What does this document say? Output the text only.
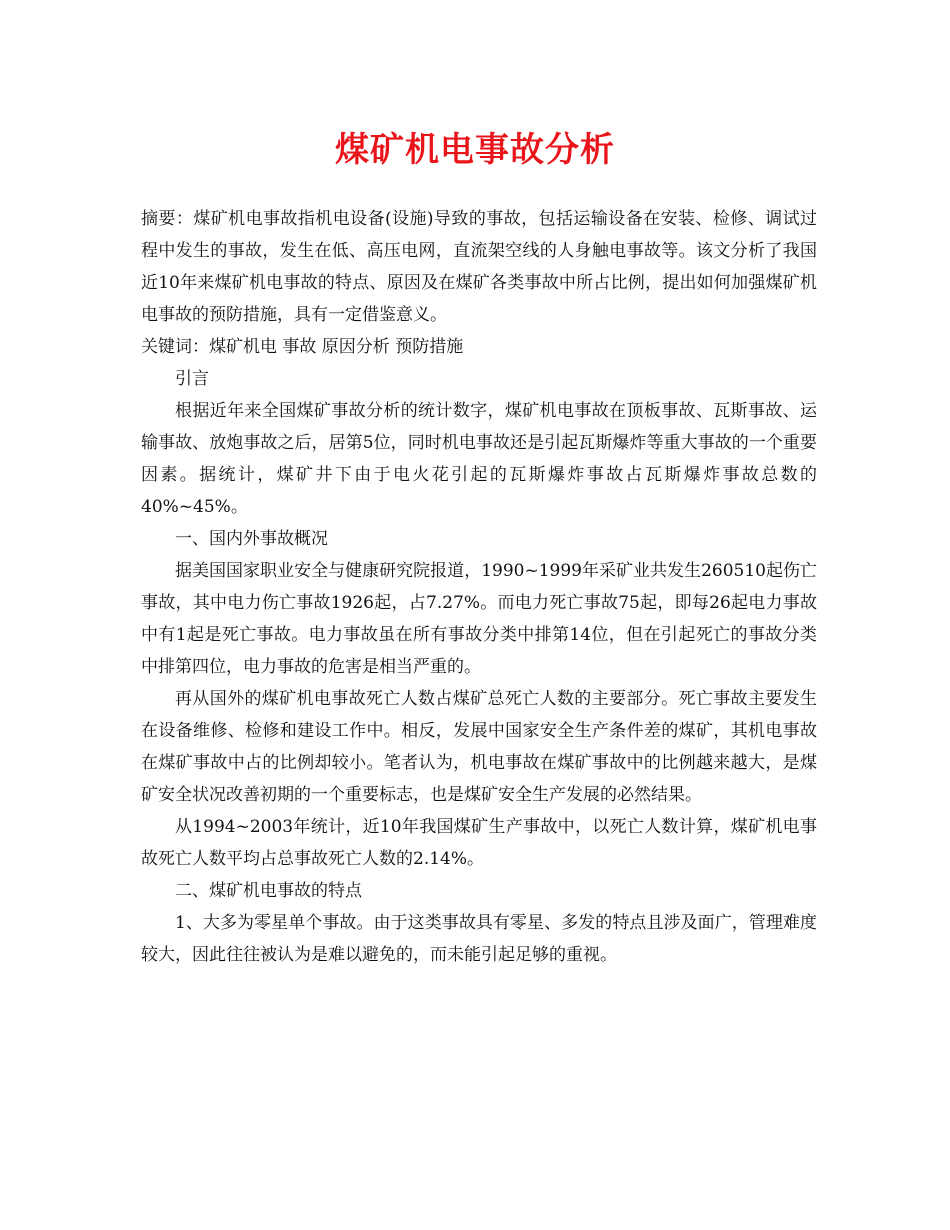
煤矿机电事故分析

摘要：煤矿机电事故指机电设备(设施)导致的事故，包括运输设备在安装、检修、调试过程中发生的事故，发生在低、高压电网，直流架空线的人身触电事故等。该文分析了我国近10年来煤矿机电事故的特点、原因及在煤矿各类事故中所占比例，提出如何加强煤矿机电事故的预防措施，具有一定借鉴意义。

关键词：煤矿机电 事故 原因分析 预防措施

引言

根据近年来全国煤矿事故分析的统计数字，煤矿机电事故在顶板事故、瓦斯事故、运输事故、放炮事故之后，居第5位，同时机电事故还是引起瓦斯爆炸等重大事故的一个重要因素。据统计，煤矿井下由于电火花引起的瓦斯爆炸事故占瓦斯爆炸事故总数的40%~45%。

一、国内外事故概况

据美国国家职业安全与健康研究院报道，1990~1999年采矿业共发生260510起伤亡事故，其中电力伤亡事故1926起，占7.27%。而电力死亡事故75起，即每26起电力事故中有1起是死亡事故。电力事故虽在所有事故分类中排第14位，但在引起死亡的事故分类中排第四位，电力事故的危害是相当严重的。

再从国外的煤矿机电事故死亡人数占煤矿总死亡人数的主要部分。死亡事故主要发生在设备维修、检修和建设工作中。相反，发展中国家安全生产条件差的煤矿，其机电事故在煤矿事故中占的比例却较小。笔者认为，机电事故在煤矿事故中的比例越来越大，是煤矿安全状况改善初期的一个重要标志，也是煤矿安全生产发展的必然结果。

从1994~2003年统计，近10年我国煤矿生产事故中，以死亡人数计算，煤矿机电事故死亡人数平均占总事故死亡人数的2.14%。

二、煤矿机电事故的特点

1、大多为零星单个事故。由于这类事故具有零星、多发的特点且涉及面广，管理难度较大，因此往往被认为是难以避免的，而未能引起足够的重视。
